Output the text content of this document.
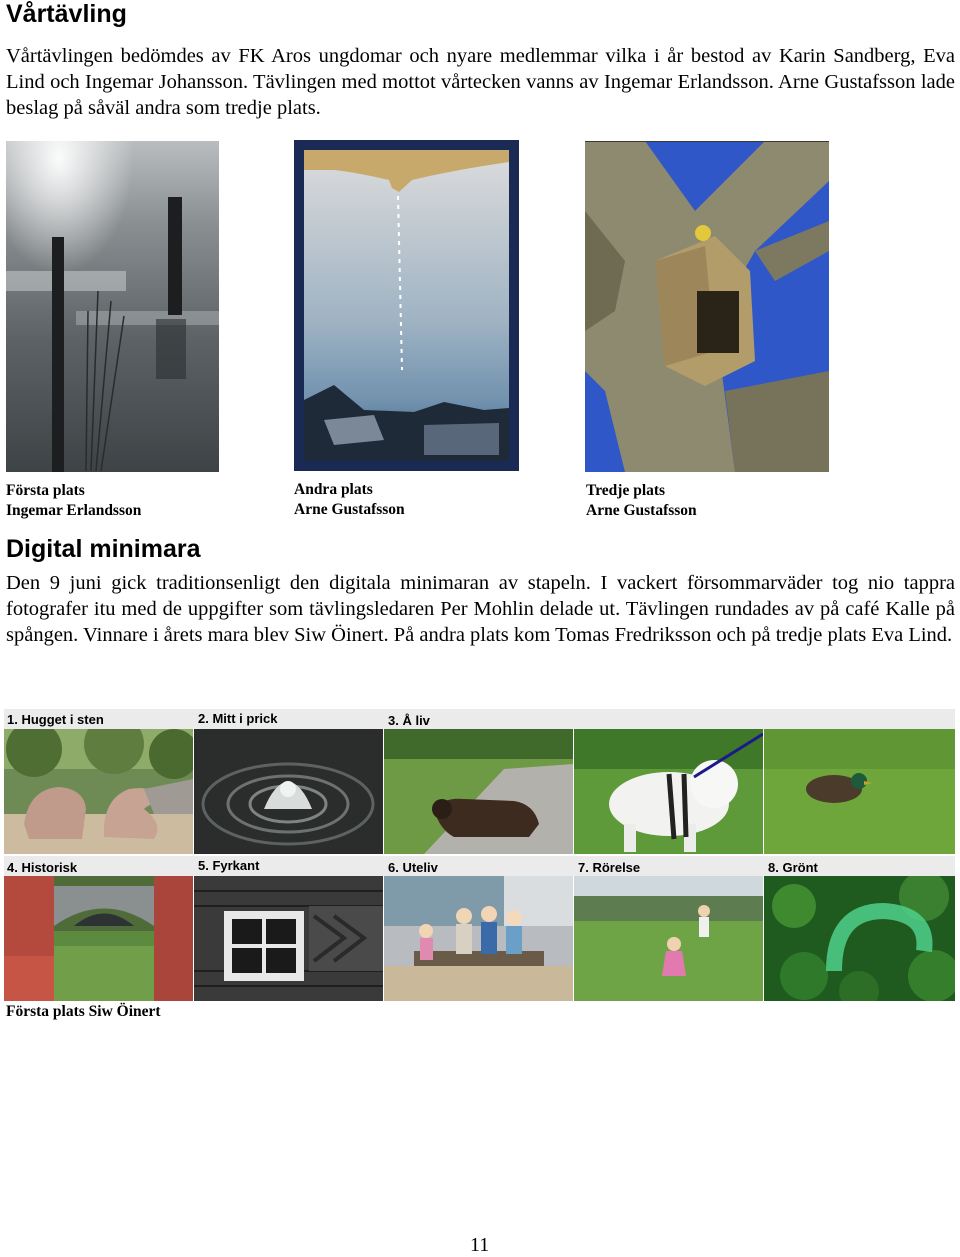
Vårtävling

Vårtävlingen bedömdes av FK Aros ungdomar och nyare medlemmar vilka i år bestod av Karin Sandberg, Eva Lind och Ingemar Johansson. Tävlingen med mottot vårtecken vanns av Ingemar Erlandsson. Arne Gustafsson lade beslag på såväl andra som tredje plats.

Första plats
Ingemar Erlandsson
Andra plats
Arne Gustafsson
Tredje plats
Arne Gustafsson
Digital minimara

Den 9 juni gick traditionsenligt den digitala minimaran av stapeln. I vackert försommarväder tog nio tappra fotografer itu med de uppgifter som tävlingsledaren Per Mohlin delade ut. Tävlingen rundades av på café Kalle på spången. Vinnare i årets mara blev Siw Öinert. På andra plats kom Tomas Fredriksson och på tredje plats Eva Lind.

1. Hugget i sten	2. Mitt i prick	3. Å liv
4. Historisk	5. Fyrkant	6. Uteliv	7. Rörelse	8. Grönt
Första plats Siw Öinert
11
